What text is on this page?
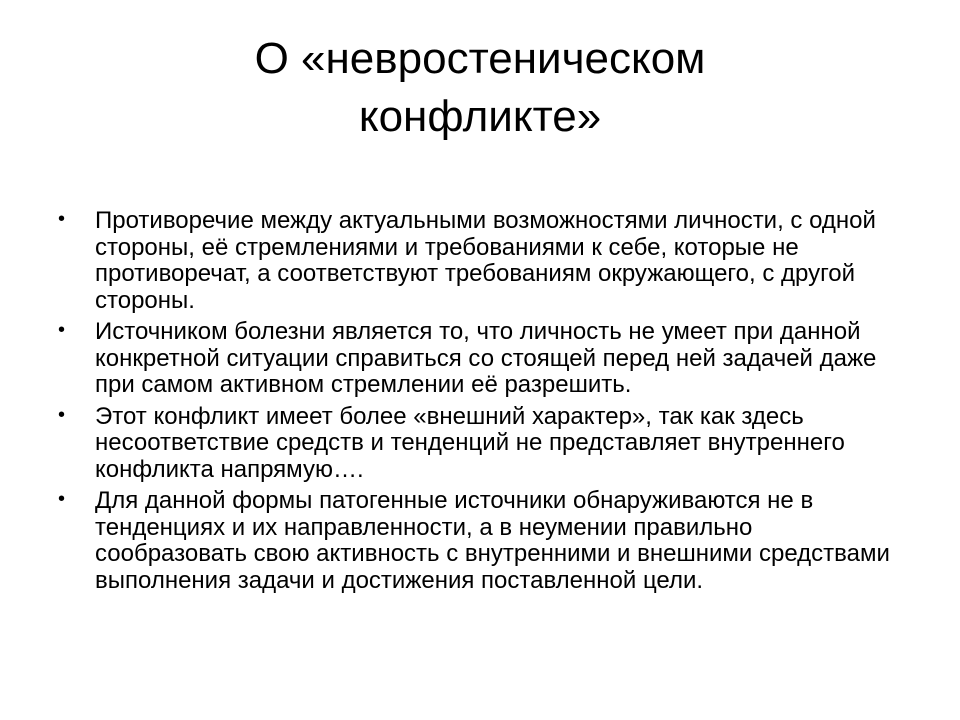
О «невростеническом
конфликте»
• Противоречие между актуальными возможностями личности, с одной стороны, её стремлениями и требованиями к себе, которые не противоречат, а соответствуют требованиям окружающего, с другой стороны.
• Источником болезни является то, что личность не умеет при данной конкретной ситуации справиться со стоящей перед ней задачей даже при самом активном стремлении её разрешить.
• Этот конфликт имеет более «внешний характер», так как здесь несоответствие средств и тенденций не представляет внутреннего конфликта напрямую….
• Для данной формы патогенные источники обнаруживаются не в тенденциях и их направленности, а в неумении правильно сообразовать свою активность с внутренними и внешними средствами выполнения задачи и достижения поставленной цели.
